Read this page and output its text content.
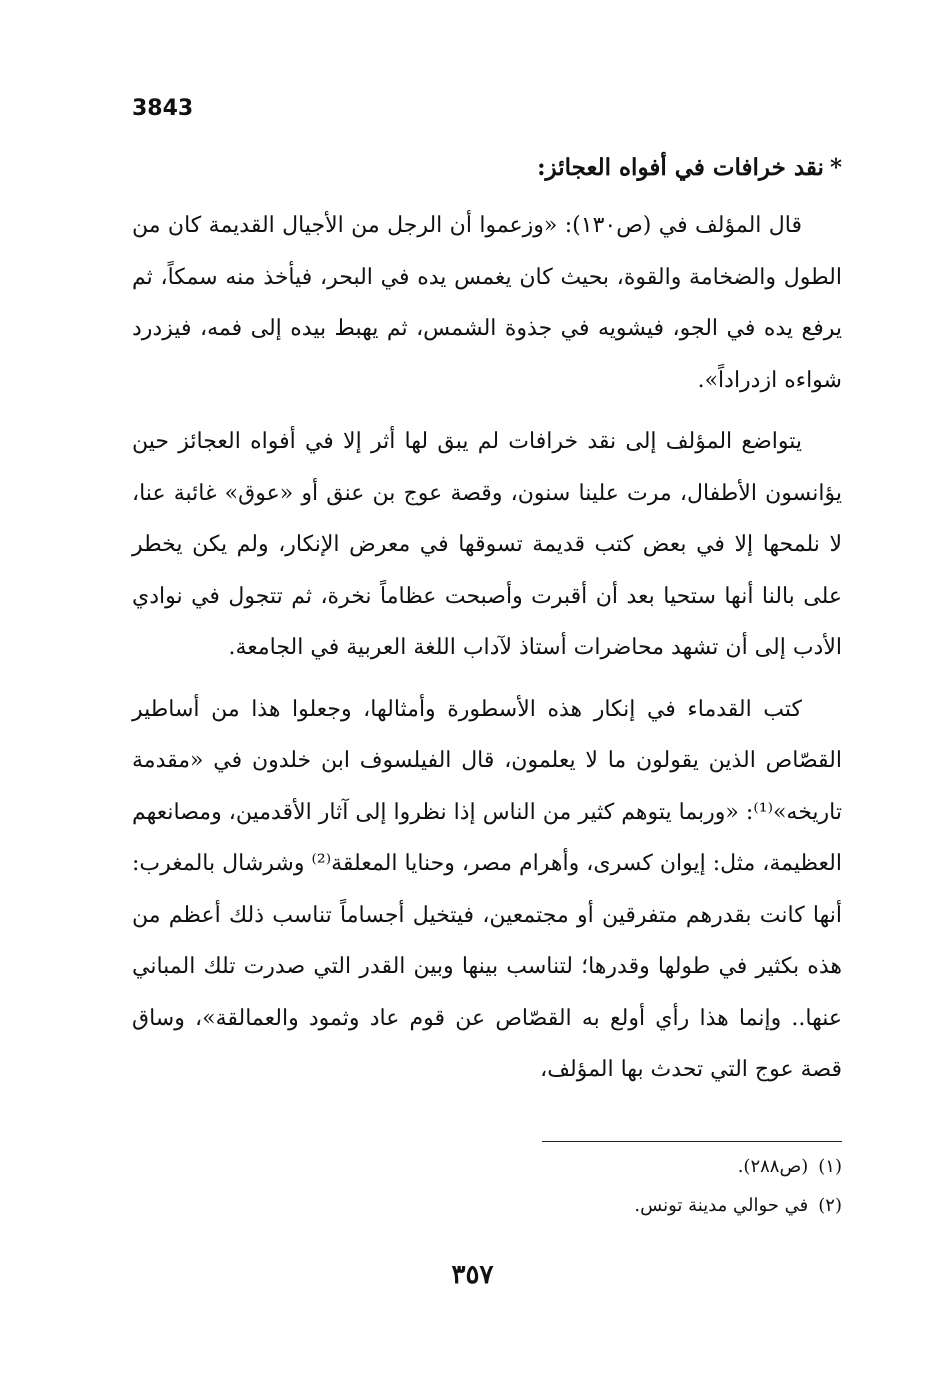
3843
*نقد خرافات في أفواه العجائز:

قال المؤلف في (ص١٣٠): «وزعموا أن الرجل من الأجيال القديمة كان من الطول والضخامة والقوة، بحيث كان يغمس يده في البحر، فيأخذ منه سمكاً، ثم يرفع يده في الجو، فيشويه في جذوة الشمس، ثم يهبط بيده إلى فمه، فيزدرد شواءه ازدراداً».

يتواضع المؤلف إلى نقد خرافات لم يبق لها أثر إلا في أفواه العجائز حين يؤانسون الأطفال، مرت علينا سنون، وقصة عوج بن عنق أو «عوق» غائبة عنا، لا نلمحها إلا في بعض كتب قديمة تسوقها في معرض الإنكار، ولم يكن يخطر على بالنا أنها ستحيا بعد أن أقبرت وأصبحت عظاماً نخرة، ثم تتجول في نوادي الأدب إلى أن تشهد محاضرات أستاذ لآداب اللغة العربية في الجامعة.

كتب القدماء في إنكار هذه الأسطورة وأمثالها، وجعلوا هذا من أساطير القصّاص الذين يقولون ما لا يعلمون، قال الفيلسوف ابن خلدون في «مقدمة تاريخه»⁽¹⁾: «وربما يتوهم كثير من الناس إذا نظروا إلى آثار الأقدمين، ومصانعهم العظيمة، مثل: إيوان كسرى، وأهرام مصر، وحنايا المعلقة⁽²⁾ وشرشال بالمغرب: أنها كانت بقدرهم متفرقين أو مجتمعين، فيتخيل أجساماً تناسب ذلك أعظم من هذه بكثير في طولها وقدرها؛ لتناسب بينها وبين القدر التي صدرت تلك المباني عنها.. وإنما هذا رأي أولع به القصّاص عن قوم عاد وثمود والعمالقة»، وساق قصة عوج التي تحدث بها المؤلف،

(١)(ص٢٨٨).
(٢)في حوالي مدينة تونس.
٣٥٧
